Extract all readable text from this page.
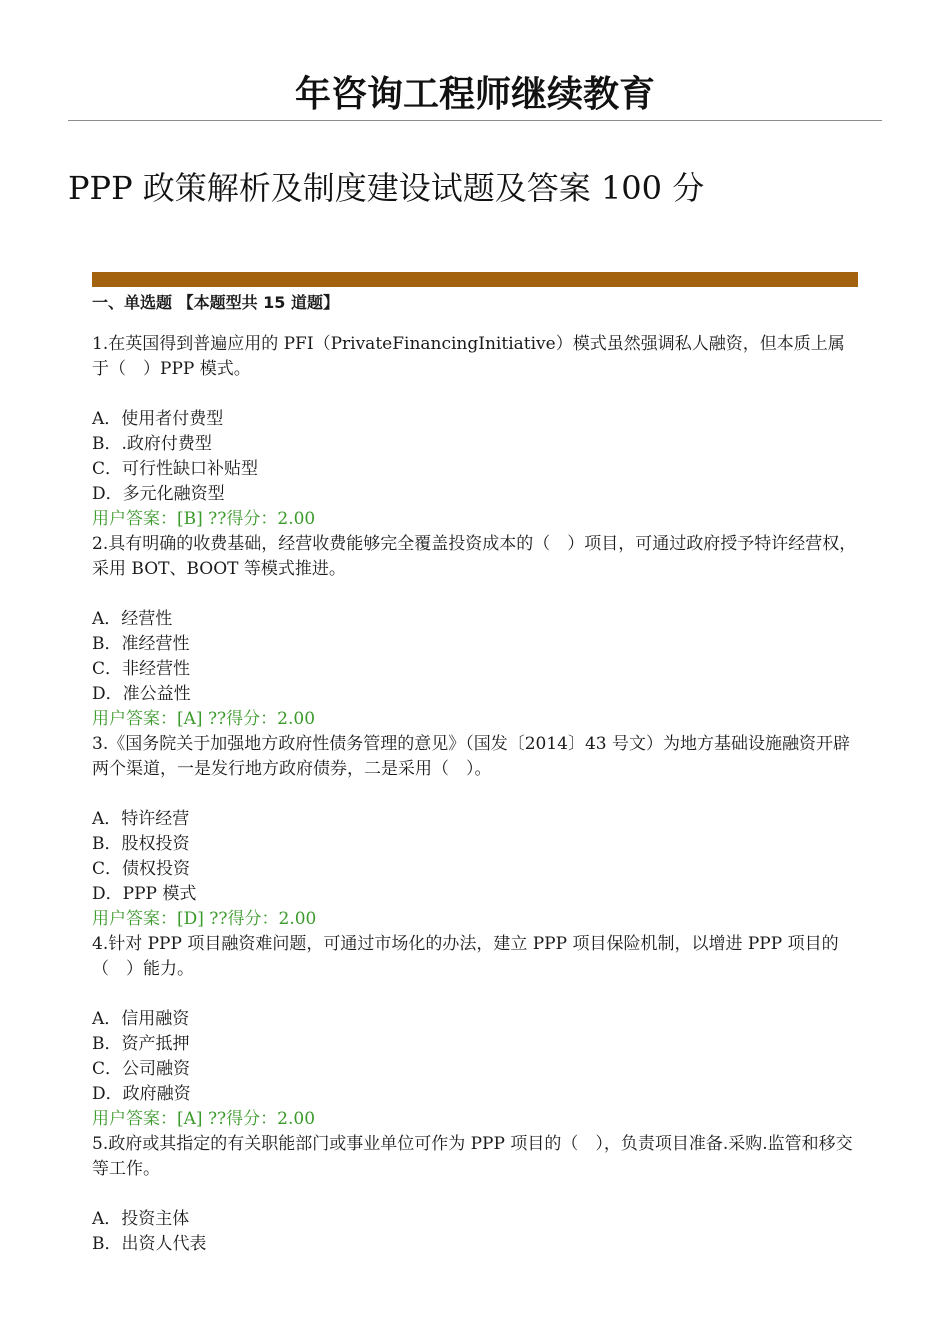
年咨询工程师继续教育
PPP 政策解析及制度建设试题及答案 100 分
一、单选题 【本题型共 15 道题】
1.在英国得到普遍应用的 PFI（PrivateFinancingInitiative）模式虽然强调私人融资，但本质上属于（　）PPP 模式。
A．使用者付费型
B．.政府付费型
C．可行性缺口补贴型
D．多元化融资型
用户答案：[B] ??得分：2.00
2.具有明确的收费基础，经营收费能够完全覆盖投资成本的（　）项目，可通过政府授予特许经营权，采用 BOT、BOOT 等模式推进。
A．经营性
B．准经营性
C．非经营性
D．准公益性
用户答案：[A] ??得分：2.00
3.《国务院关于加强地方政府性债务管理的意见》（国发〔2014〕43 号文）为地方基础设施融资开辟两个渠道，一是发行地方政府债券，二是采用（　）。
A．特许经营
B．股权投资
C．债权投资
D．PPP 模式
用户答案：[D] ??得分：2.00
4.针对 PPP 项目融资难问题，可通过市场化的办法，建立 PPP 项目保险机制，以增进 PPP 项目的（　）能力。
A．信用融资
B．资产抵押
C．公司融资
D．政府融资
用户答案：[A] ??得分：2.00
5.政府或其指定的有关职能部门或事业单位可作为 PPP 项目的（　），负责项目准备.采购.监管和移交等工作。
A．投资主体
B．出资人代表
